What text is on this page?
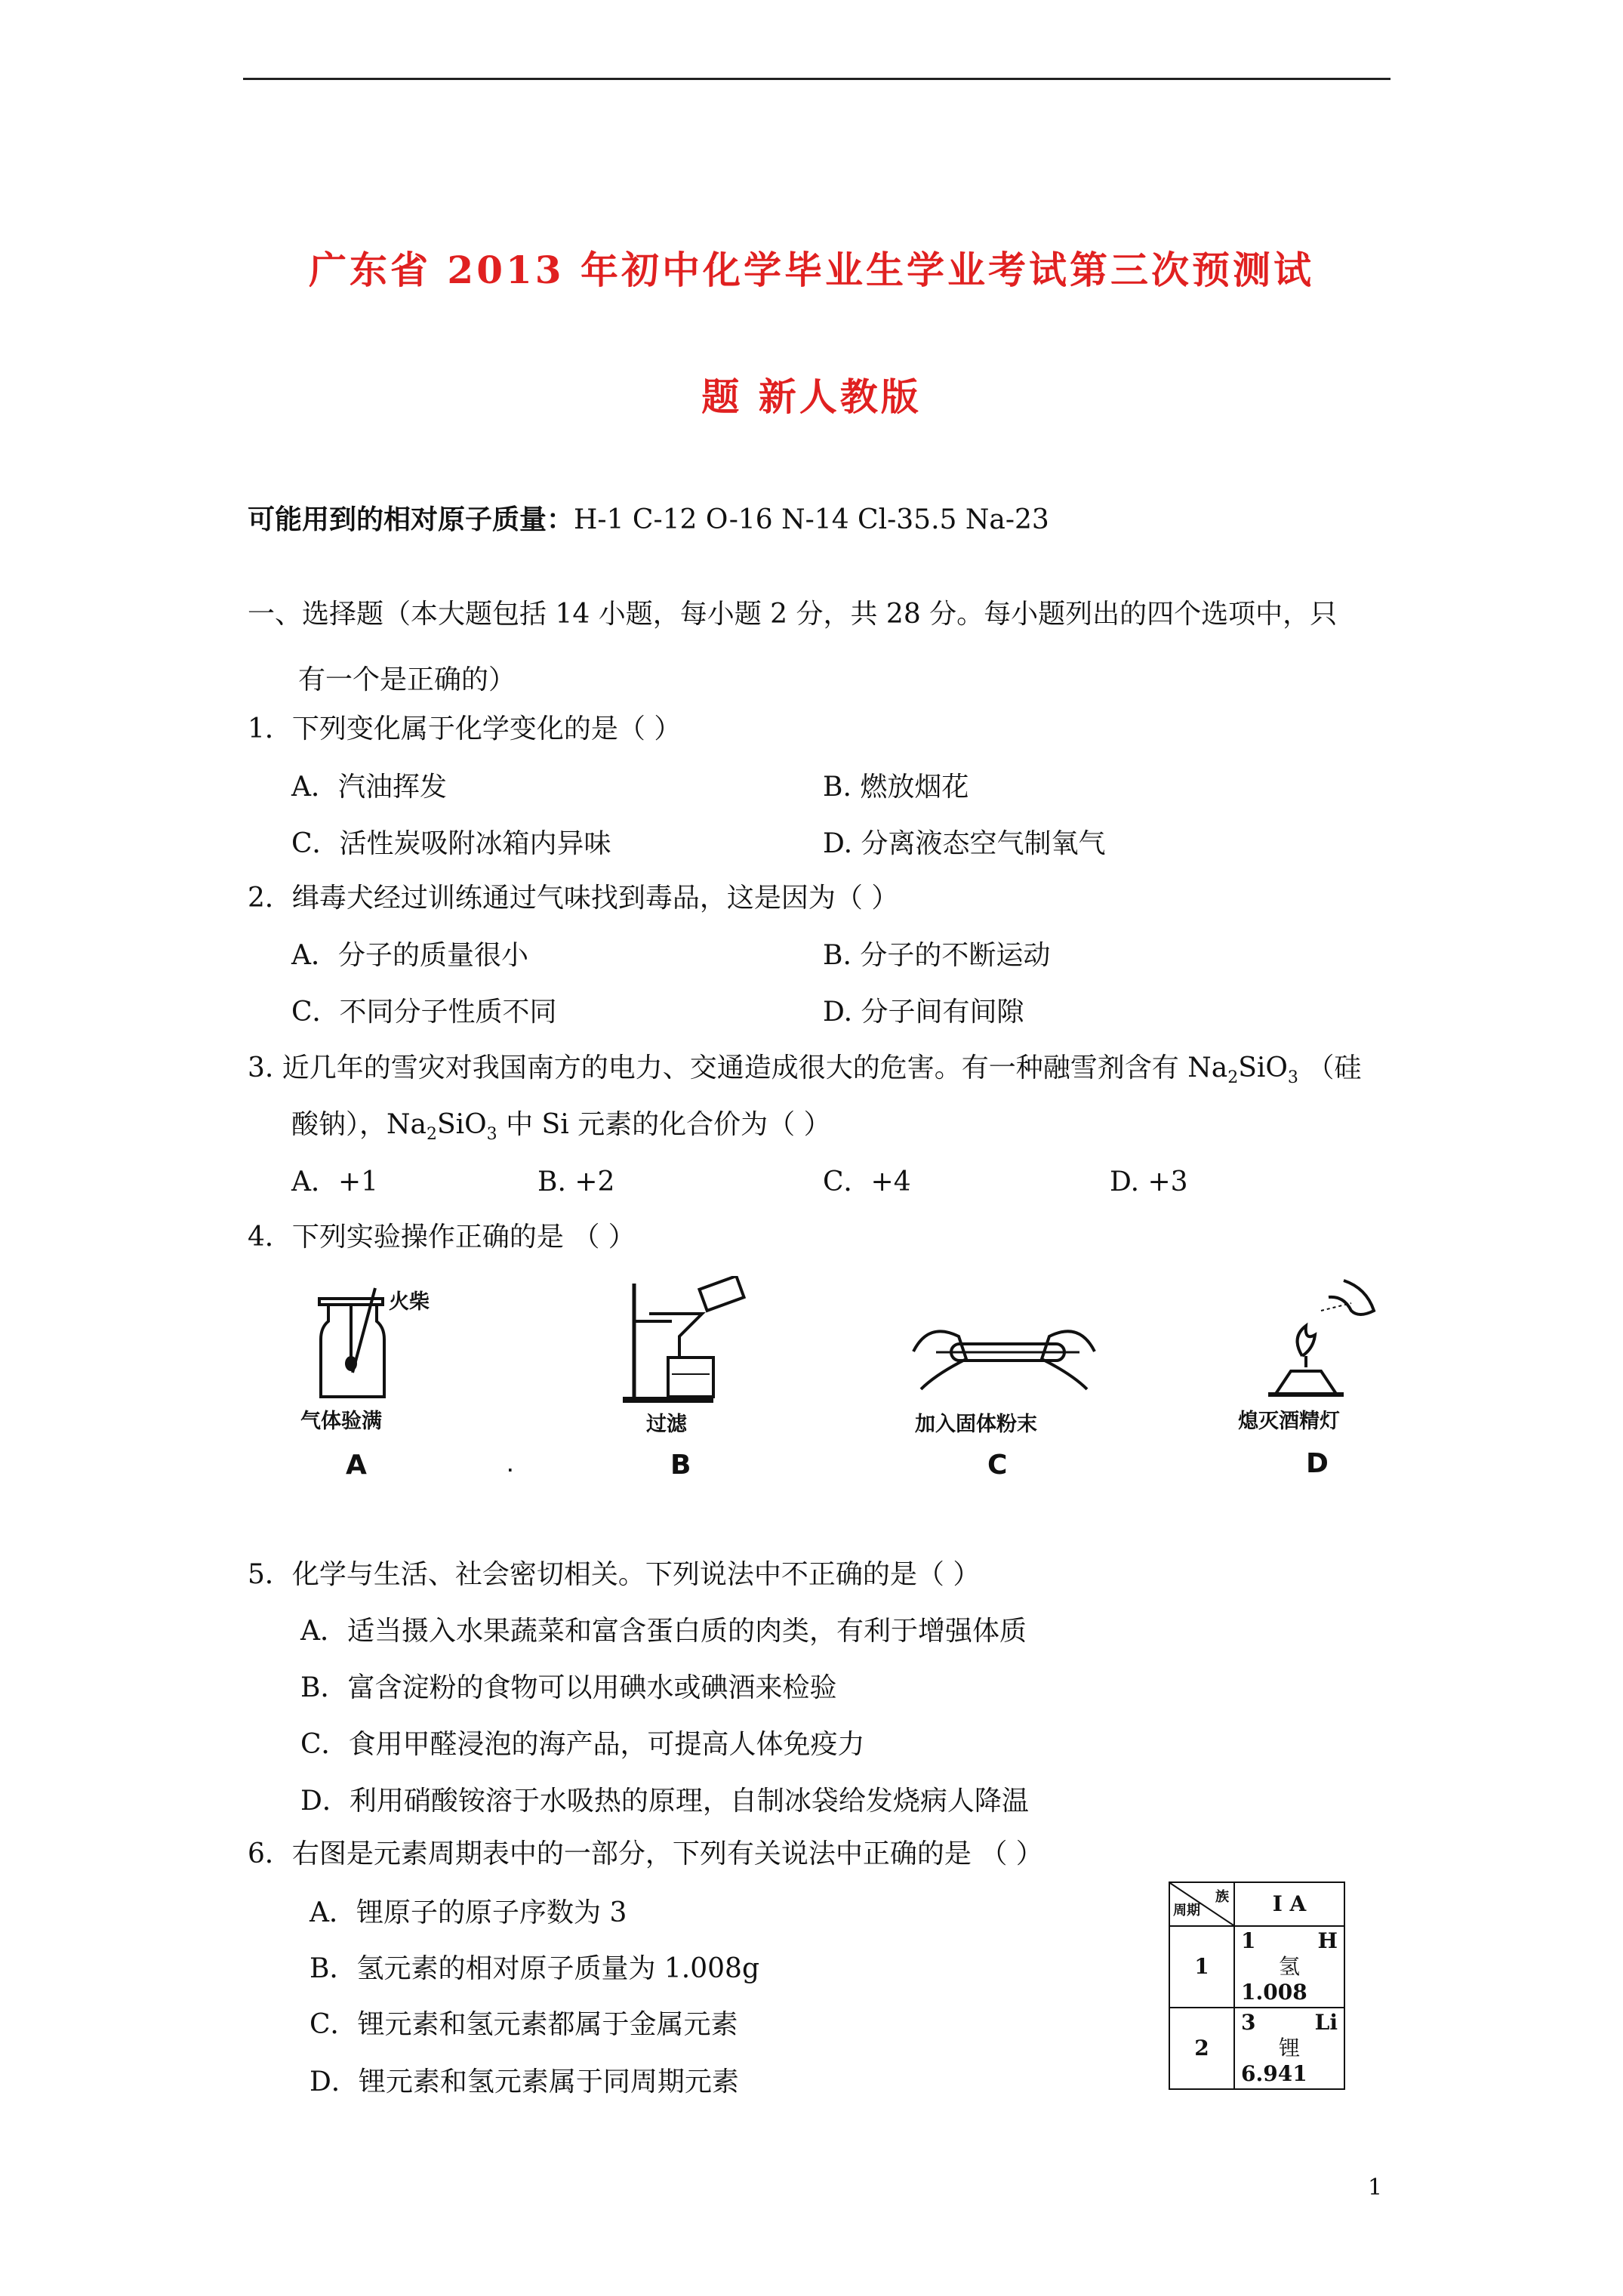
广东省 2013 年初中化学毕业生学业考试第三次预测试
题 新人教版
可能用到的相对原子质量：H-1 C-12 O-16 N-14 Cl-35.5 Na-23
一、选择题（本大题包括 14 小题，每小题 2 分，共 28 分。每小题列出的四个选项中，只
有一个是正确的）
1．下列变化属于化学变化的是（ ）
A．汽油挥发	B. 燃放烟花
C．活性炭吸附冰箱内异味	D. 分离液态空气制氧气
2．缉毒犬经过训练通过气味找到毒品，这是因为（ ）
A．分子的质量很小	B. 分子的不断运动
C．不同分子性质不同	D. 分子间有间隙
3. 近几年的雪灾对我国南方的电力、交通造成很大的危害。有一种融雪剂含有 $Na_2SiO_3$ （硅
酸钠），$Na_2SiO_3$ 中 Si 元素的化合价为（ ）
A．+1	B. +2	C．+4	D. +3
4．下列实验操作正确的是 （ ）
火柴
气体验满
A
过滤
B
.
加入固体粉末
C
熄灭酒精灯
D
5．化学与生活、社会密切相关。下列说法中不正确的是（ ）
A．适当摄入水果蔬菜和富含蛋白质的肉类，有利于增强体质
B．富含淀粉的食物可以用碘水或碘酒来检验
C．食用甲醛浸泡的海产品，可提高人体免疫力
D．利用硝酸铵溶于水吸热的原理，自制冰袋给发烧病人降温
6．右图是元素周期表中的一部分，下列有关说法中正确的是 （ ）
A．锂原子的原子序数为 3
B．氢元素的相对原子质量为 1.008g
C．锂元素和氢元素都属于金属元素
D．锂元素和氢元素属于同周期元素
族
周期	I A
1	1 H
氢
1.008

2	3 Li
锂
6.941
1
